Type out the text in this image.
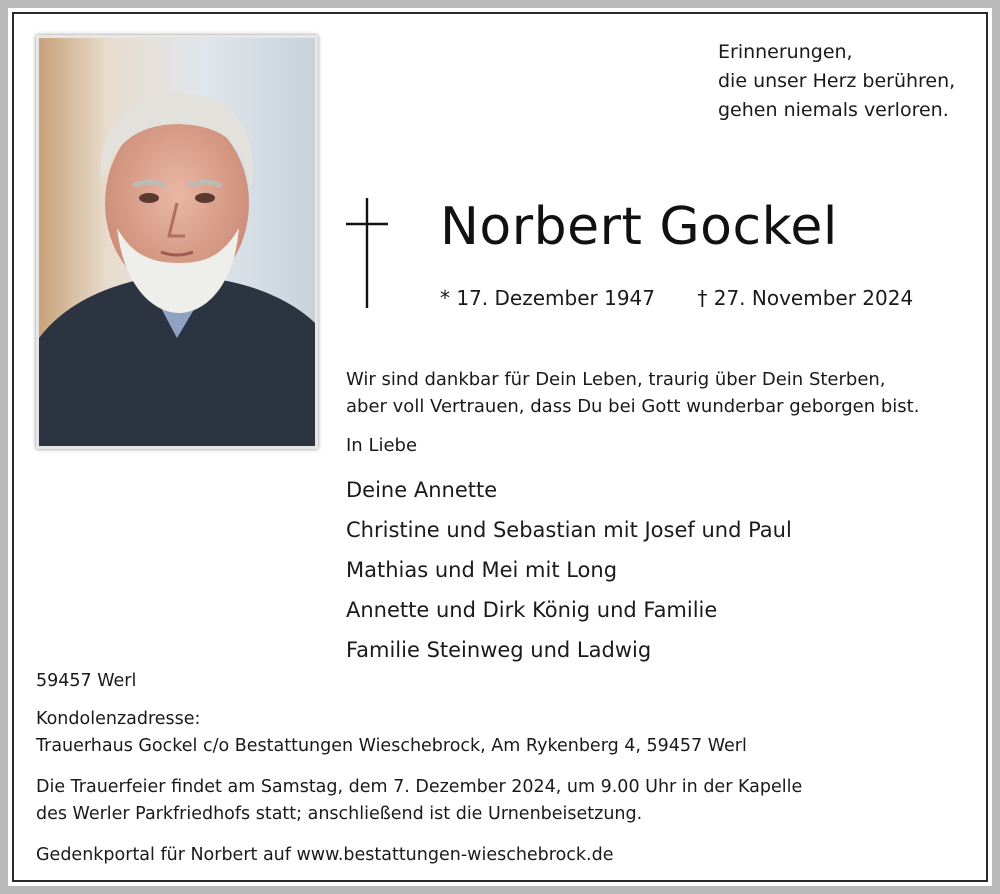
Erinnerungen,
die unser Herz berühren,
gehen niemals verloren.
Norbert Gockel
* 17. Dezember 1947 † 27. November 2024
Wir sind dankbar für Dein Leben, traurig über Dein Sterben,
aber voll Vertrauen, dass Du bei Gott wunderbar geborgen bist.
In Liebe
Deine Annette
Christine und Sebastian mit Josef und Paul
Mathias und Mei mit Long
Annette und Dirk König und Familie
Familie Steinweg und Ladwig
59457 Werl
Kondolenzadresse:
Trauerhaus Gockel c/o Bestattungen Wieschebrock, Am Rykenberg 4, 59457 Werl
Die Trauerfeier findet am Samstag, dem 7. Dezember 2024, um 9.00 Uhr in der Kapelle
des Werler Parkfriedhofs statt; anschließend ist die Urnenbeisetzung.
Gedenkportal für Norbert auf www.bestattungen-wieschebrock.de
